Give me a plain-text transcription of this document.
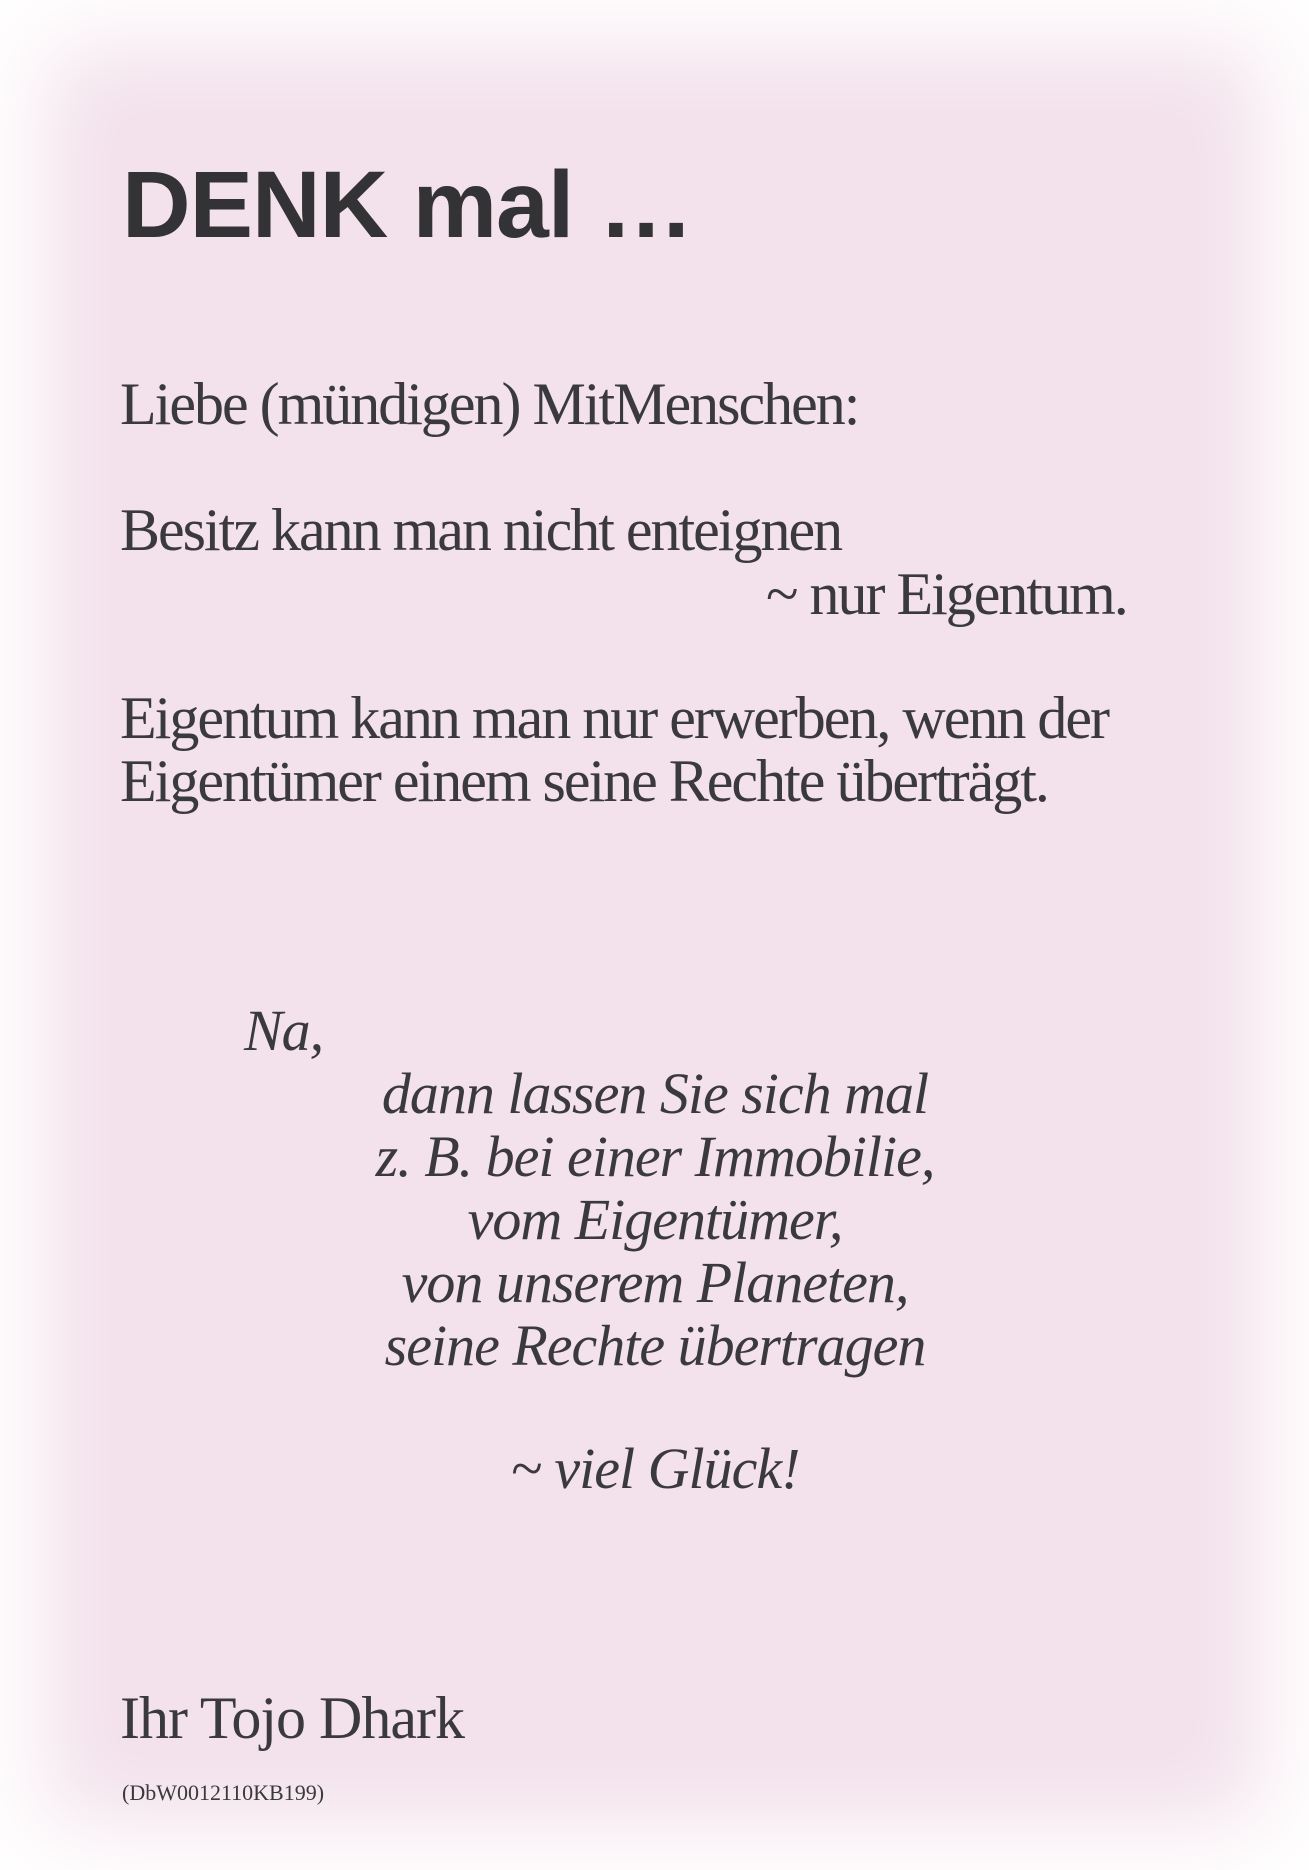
DENK mal …
Liebe (mündigen) MitMenschen:
Besitz kann man nicht enteignen
~ nur Eigentum.
Eigentum kann man nur erwerben, wenn der
Eigentümer einem seine Rechte überträgt.
Na,
dann lassen Sie sich mal
z. B. bei einer Immobilie,
vom Eigentümer,
von unserem Planeten,
seine Rechte übertragen
~ viel Glück!
Ihr Tojo Dhark
(DbW0012110KB199)
